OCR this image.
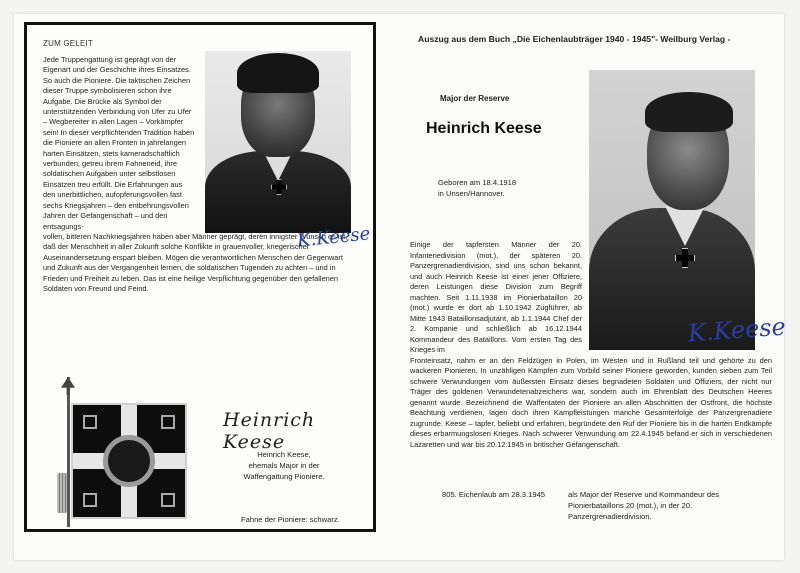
ZUM GELEIT
Jede Truppengattung ist geprägt von der Eigenart und der Geschichte ihres Einsatzes. So auch die Pioniere. Die taktischen Zeichen dieser Truppe symbolisieren schon ihre Aufgabe. Die Brücke als Symbol der unterstützenden Verbindung von Ufer zu Ufer – Wegbereiter in allen Lagen – Vorkämpfer sein! In dieser verpflichtenden Tradition haben die Pioniere an allen Fronten in jahrelangen harten Einsätzen, stets kameradschaftlich verbunden, getreu ihrem Fahneneid, ihre soldatischen Aufgaben unter selbstlosen Einsätzen treu erfüllt. Die Erfahrungen aus den unerbittlichen, aufopferungsvollen fast sechs Kriegsjahren – den entbehrungsvollen Jahren der Gefangenschaft – und den entsagungs-
vollen, bitteren Nachkriegsjahren haben aber Männer geprägt, deren innigster Wunsch es ist, daß der Menschheit in aller Zukunft solche Konflikte in grauenvoller, kriegerischer Auseinandersetzung erspart bleiben. Mögen die verantwortlichen Menschen der Gegenwart und Zukunft aus der Vergangenheit lernen, die soldatischen Tugenden zu achten – und in Frieden und Freiheit zu leben. Das ist eine heilige Verpflichtung gegenüber den gefallenen Soldaten von Freund und Feind.
K.Keese
Heinrich Keese
Heinrich Keese,
ehemals Major in der
Waffengattung Pioniere.
Fahne der Pioniere: schwarz.
Auszug aus dem Buch „Die Eichenlaubträger 1940 - 1945"- Weilburg Verlag -
Major der Reserve
Heinrich Keese
Geboren am 18.4.1918
in Unsen/Hannover.
K.Keese
Einige der tapfersten Männer der 20. Infanteriedivision (mot.), der späteren 20. Panzergrenadierdivision, sind uns schon bekannt, und auch Heinrich Keese ist einer jener Offiziere, deren Leistungen diese Division zum Begriff machten. Seit 1.11.1938 im Pionierbataillon 20 (mot.) wurde er dort ab 1.10.1942 Zugführer, ab Mitte 1943 Bataillonsadjutant, ab 1.1.1944 Chef der 2. Kompanie und schließlich ab 16.12.1944 Kommandeur des Bataillons. Vom ersten Tag des Krieges im
Fronteinsatz, nahm er an den Feldzügen in Polen, im Westen und in Rußland teil und gehörte zu den wackeren Pionieren. In unzähligen Kämpfen zum Vorbild seiner Pioniere geworden, kunden sieben zum Teil schwere Verwundungen vom äußersten Einsatz dieses begnadeten Soldaten und Offiziers, der nicht nur Träger des goldenen Verwundetenabzeichens war, sondern auch im Ehrenblatt des Deutschen Heeres genannt wurde. Bezeichnend die Waffentaten der Pioniere an allen Abschnitten der Ostfront, die höchste Beachtung verdienen, lagen doch ihren Kampfleistungen manche Gesamterfolge der Panzergrenadiere zugrunde. Keese – tapfer, beliebt und erfahren, begründete den Ruf der Pioniere bis in die harten Endkämpfe dieses erbarmungslosen Krieges. Nach schwerer Verwundung am 22.4.1945 befand er sich in verschiedenen Lazaretten und war bis 20.12.1945 in britischer Gefangenschaft.
805. Eichenlaub am 28.3.1945	als Major der Reserve und Kommandeur des Pionierbataillons 20 (mot.), in der 20. Panzergrenadierdivision.
